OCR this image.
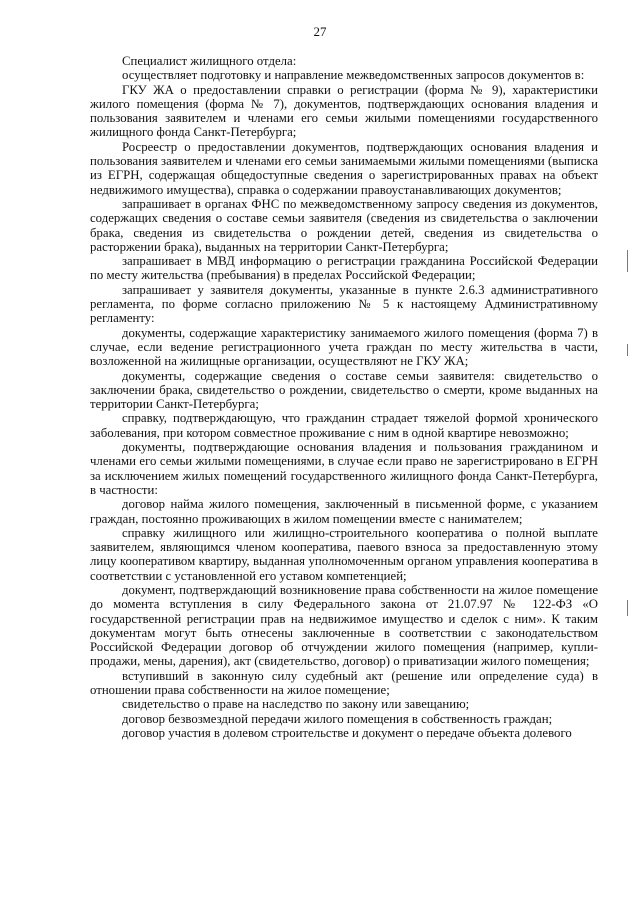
27

Специалист жилищного отдела:

осуществляет подготовку и направление межведомственных запросов документов в:

ГКУ ЖА о предоставлении справки о регистрации (форма № 9), характеристики жилого помещения (форма № 7), документов, подтверждающих основания владения и пользования заявителем и членами его семьи жилыми помещениями государственного жилищного фонда Санкт-Петербурга;

Росреестр о предоставлении документов, подтверждающих основания владения и пользования заявителем и членами его семьи занимаемыми жилыми помещениями (выписка из ЕГРН, содержащая общедоступные сведения о зарегистрированных правах на объект недвижимого имущества), справка о содержании правоустанавливающих документов;

запрашивает в органах ФНС по межведомственному запросу сведения из документов, содержащих сведения о составе семьи заявителя (сведения из свидетельства о заключении брака, сведения из свидетельства о рождении детей, сведения из свидетельства о расторжении брака), выданных на территории Санкт-Петербурга;

запрашивает в МВД информацию о регистрации гражданина Российской Федерации по месту жительства (пребывания) в пределах Российской Федерации;

запрашивает у заявителя документы, указанные в пункте 2.6.3 административного регламента, по форме согласно приложению № 5 к настоящему Административному регламенту:

документы, содержащие характеристику занимаемого жилого помещения (форма 7) в случае, если ведение регистрационного учета граждан по месту жительства в части, возложенной на жилищные организации, осуществляют не ГКУ ЖА;

документы, содержащие сведения о составе семьи заявителя: свидетельство о заключении брака, свидетельство о рождении, свидетельство о смерти, кроме выданных на территории Санкт-Петербурга;

справку, подтверждающую, что гражданин страдает тяжелой формой хронического заболевания, при котором совместное проживание с ним в одной квартире невозможно;

документы, подтверждающие основания владения и пользования гражданином и членами его семьи жилыми помещениями, в случае если право не зарегистрировано в ЕГРН за исключением жилых помещений государственного жилищного фонда Санкт-Петербурга, в частности:

договор найма жилого помещения, заключенный в письменной форме, с указанием граждан, постоянно проживающих в жилом помещении вместе с нанимателем;

справку жилищного или жилищно-строительного кооператива о полной выплате заявителем, являющимся членом кооператива, паевого взноса за предоставленную этому лицу кооперативом квартиру, выданная уполномоченным органом управления кооператива в соответствии с установленной его уставом компетенцией;

документ, подтверждающий возникновение права собственности на жилое помещение до момента вступления в силу Федерального закона от 21.07.97 № 122-ФЗ «О государственной регистрации прав на недвижимое имущество и сделок с ним». К таким документам могут быть отнесены заключенные в соответствии с законодательством Российской Федерации договор об отчуждении жилого помещения (например, купли-продажи, мены, дарения), акт (свидетельство, договор) о приватизации жилого помещения;

вступивший в законную силу судебный акт (решение или определение суда) в отношении права собственности на жилое помещение;

свидетельство о праве на наследство по закону или завещанию;

договор безвозмездной передачи жилого помещения в собственность граждан;

договор участия в долевом строительстве и документ о передаче объекта долевого
